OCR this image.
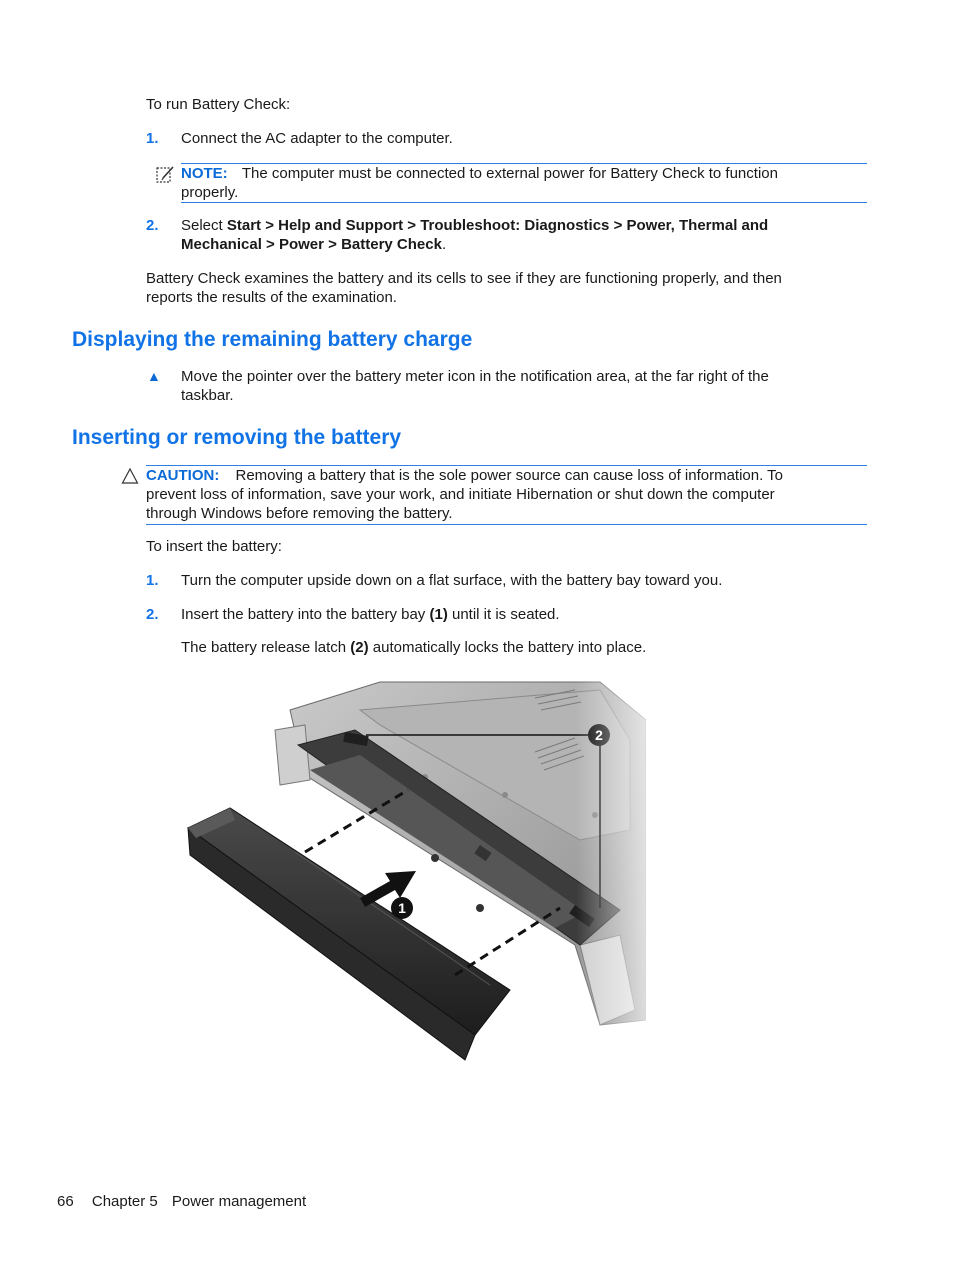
To run Battery Check:
1. Connect the AC adapter to the computer.
NOTE: The computer must be connected to external power for Battery Check to function
properly.
2. Select Start > Help and Support > Troubleshoot: Diagnostics > Power, Thermal and
Mechanical > Power > Battery Check.
Battery Check examines the battery and its cells to see if they are functioning properly, and then
reports the results of the examination.
Displaying the remaining battery charge
▲ Move the pointer over the battery meter icon in the notification area, at the far right of the
taskbar.
Inserting or removing the battery
CAUTION: Removing a battery that is the sole power source can cause loss of information. To
prevent loss of information, save your work, and initiate Hibernation or shut down the computer
through Windows before removing the battery.
To insert the battery:
1. Turn the computer upside down on a flat surface, with the battery bay toward you.
2. Insert the battery into the battery bay (1) until it is seated.
The battery release latch (2) automatically locks the battery into place.
66 Chapter 5 Power management
